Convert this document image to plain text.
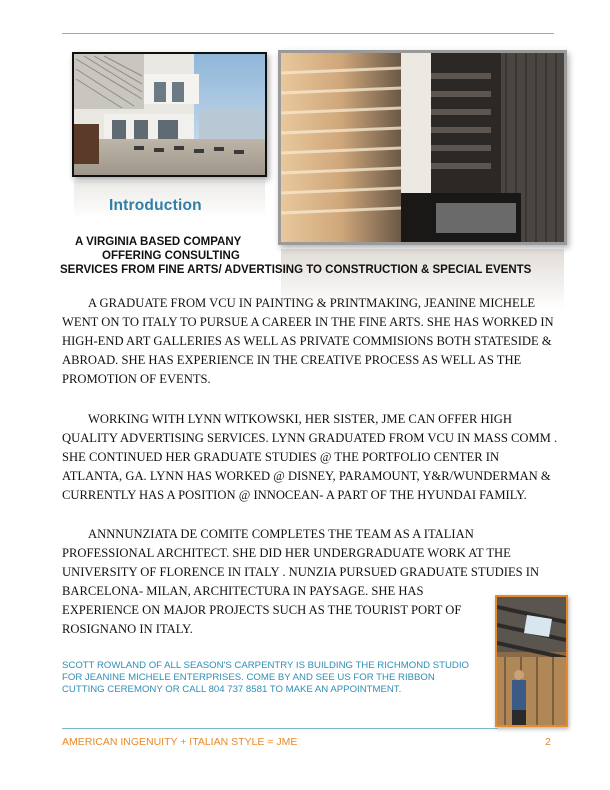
Introduction
A VIRGINIA BASED COMPANY
OFFERING CONSULTING
SERVICES FROM FINE ARTS/ ADVERTISING TO CONSTRUCTION & SPECIAL EVENTS
A GRADUATE FROM VCU IN PAINTING & PRINTMAKING, JEANINE MICHELE
WENT ON TO ITALY TO PURSUE A CAREER IN THE FINE ARTS. SHE HAS WORKED IN
HIGH-END ART GALLERIES AS WELL AS PRIVATE COMMISIONS BOTH STATESIDE &
ABROAD. SHE HAS EXPERIENCE IN THE CREATIVE PROCESS AS WELL AS THE
PROMOTION OF EVENTS.
WORKING WITH LYNN WITKOWSKI, HER SISTER, JME CAN OFFER HIGH
QUALITY ADVERTISING SERVICES. LYNN GRADUATED FROM VCU IN MASS COMM .
SHE CONTINUED HER GRADUATE STUDIES @ THE PORTFOLIO CENTER IN
ATLANTA, GA. LYNN HAS WORKED @ DISNEY, PARAMOUNT, Y&R/WUNDERMAN &
CURRENTLY HAS A POSITION @ INNOCEAN- A PART OF THE HYUNDAI FAMILY.
ANNNUNZIATA DE COMITE COMPLETES THE TEAM AS A ITALIAN
PROFESSIONAL ARCHITECT. SHE DID HER UNDERGRADUATE WORK AT THE
UNIVERSITY OF FLORENCE IN ITALY . NUNZIA PURSUED GRADUATE STUDIES IN
BARCELONA- MILAN, ARCHITECTURA IN PAYSAGE. SHE HAS
EXPERIENCE ON MAJOR PROJECTS SUCH AS THE TOURIST PORT OF
ROSIGNANO IN ITALY.
SCOTT ROWLAND OF ALL SEASON'S CARPENTRY IS BUILDING THE RICHMOND STUDIO
FOR JEANINE MICHELE ENTERPRISES. COME BY AND SEE US FOR THE RIBBON
CUTTING CEREMONY OR CALL 804 737 8581 TO MAKE AN APPOINTMENT.
AMERICAN INGENUITY + ITALIAN STYLE = JME	2
